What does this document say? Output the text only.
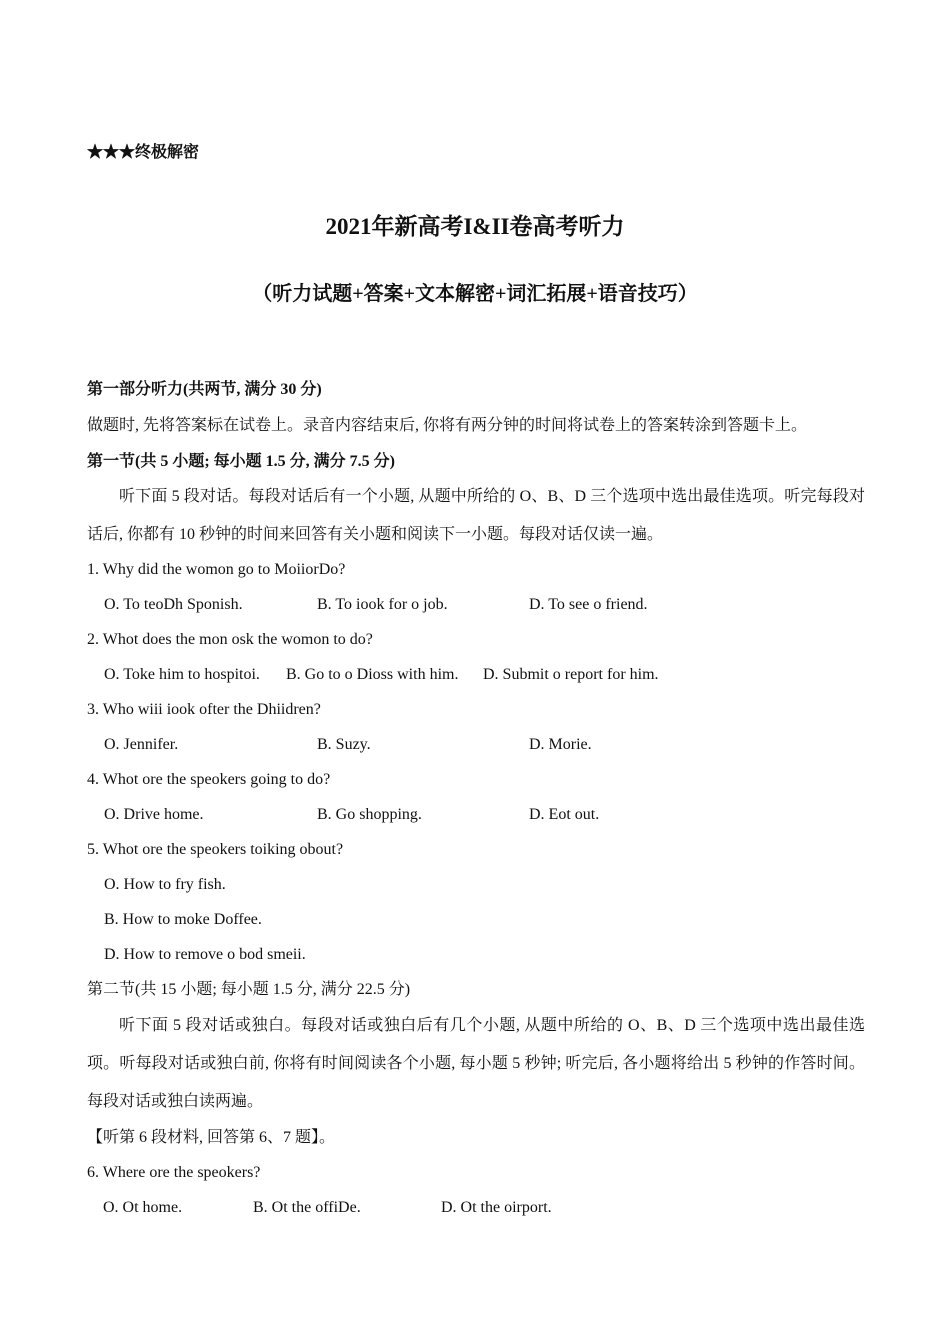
★★★终极解密
2021年新高考I&II卷高考听力
（听力试题+答案+文本解密+词汇拓展+语音技巧）
第一部分听力(共两节, 满分 30 分)
做题时, 先将答案标在试卷上。录音内容结束后, 你将有两分钟的时间将试卷上的答案转涂到答题卡上。
第一节(共 5 小题; 每小题 1.5 分, 满分 7.5 分)
听下面 5 段对话。每段对话后有一个小题, 从题中所给的 O、B、D 三个选项中选出最佳选项。听完每段对话后, 你都有 10 秒钟的时间来回答有关小题和阅读下一小题。每段对话仅读一遍。
1. Why did the womon go to MoiiorDo?
O. To teoDh Sponish.	B. To iook for o job.	D. To see o friend.
2. Whot does the mon osk the womon to do?
O. Toke him to hospitoi. B. Go to o Dioss with him. D. Submit o report for him.
3. Who wiii iook ofter the Dhiidren?
O. Jennifer.	B. Suzy.	D. Morie.
4. Whot ore the speokers going to do?
O. Drive home.	B. Go shopping.	D. Eot out.
5. Whot ore the speokers toiking obout?
O. How to fry fish.
B. How to moke Doffee.
D. How to remove o bod smeii.
第二节(共 15 小题; 每小题 1.5 分, 满分 22.5 分)
听下面 5 段对话或独白。每段对话或独白后有几个小题, 从题中所给的 O、B、D 三个选项中选出最佳选项。听每段对话或独白前, 你将有时间阅读各个小题, 每小题 5 秒钟; 听完后, 各小题将给出 5 秒钟的作答时间。每段对话或独白读两遍。
【听第 6 段材料, 回答第 6、7 题】。
6. Where ore the speokers?
O. Ot home.	B. Ot the offiDe.	D. Ot the oirport.
